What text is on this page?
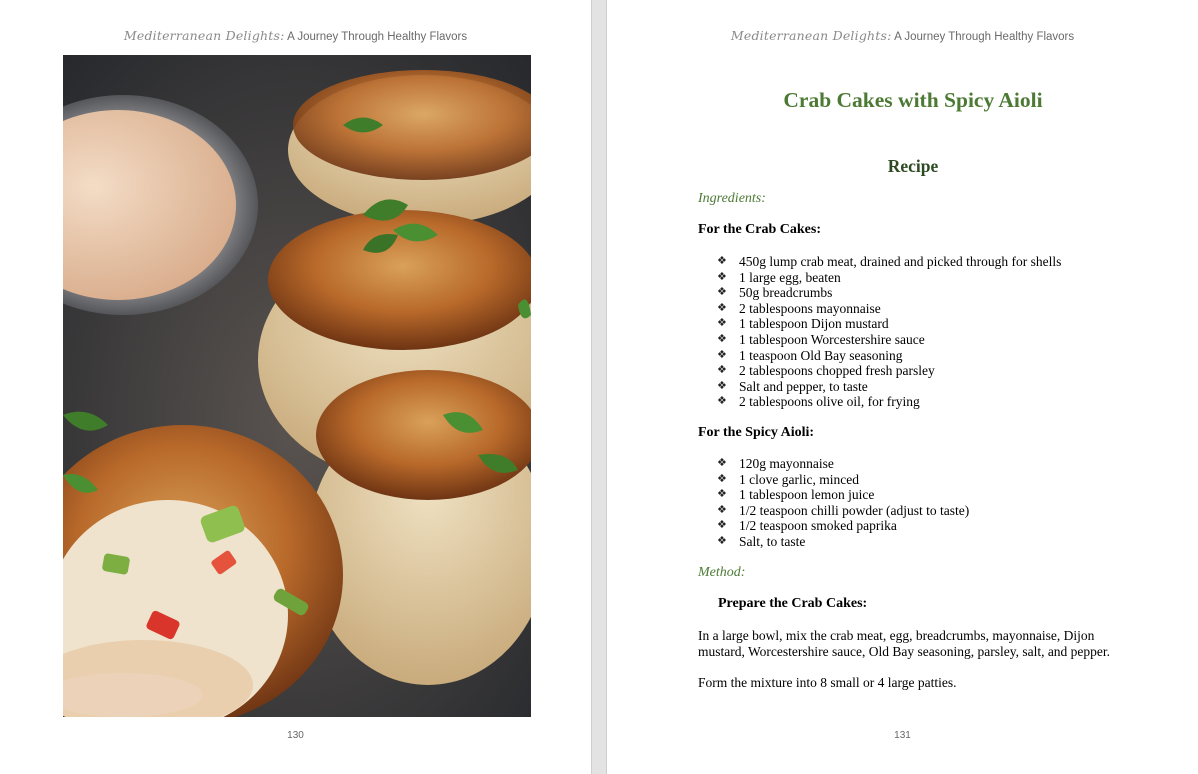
Mediterranean Delights: A Journey Through Healthy Flavors
130
Mediterranean Delights: A Journey Through Healthy Flavors
131
Crab Cakes with Spicy Aioli
Recipe
Ingredients:
For the Crab Cakes:
❖ 450g lump crab meat, drained and picked through for shells
❖ 1 large egg, beaten
❖ 50g breadcrumbs
❖ 2 tablespoons mayonnaise
❖ 1 tablespoon Dijon mustard
❖ 1 tablespoon Worcestershire sauce
❖ 1 teaspoon Old Bay seasoning
❖ 2 tablespoons chopped fresh parsley
❖ Salt and pepper, to taste
❖ 2 tablespoons olive oil, for frying
For the Spicy Aioli:
❖ 120g mayonnaise
❖ 1 clove garlic, minced
❖ 1 tablespoon lemon juice
❖ 1/2 teaspoon chilli powder (adjust to taste)
❖ 1/2 teaspoon smoked paprika
❖ Salt, to taste
Method:
Prepare the Crab Cakes:

In a large bowl, mix the crab meat, egg, breadcrumbs, mayonnaise, Dijon mustard, Worcestershire sauce, Old Bay seasoning, parsley, salt, and pepper.

Form the mixture into 8 small or 4 large patties.
